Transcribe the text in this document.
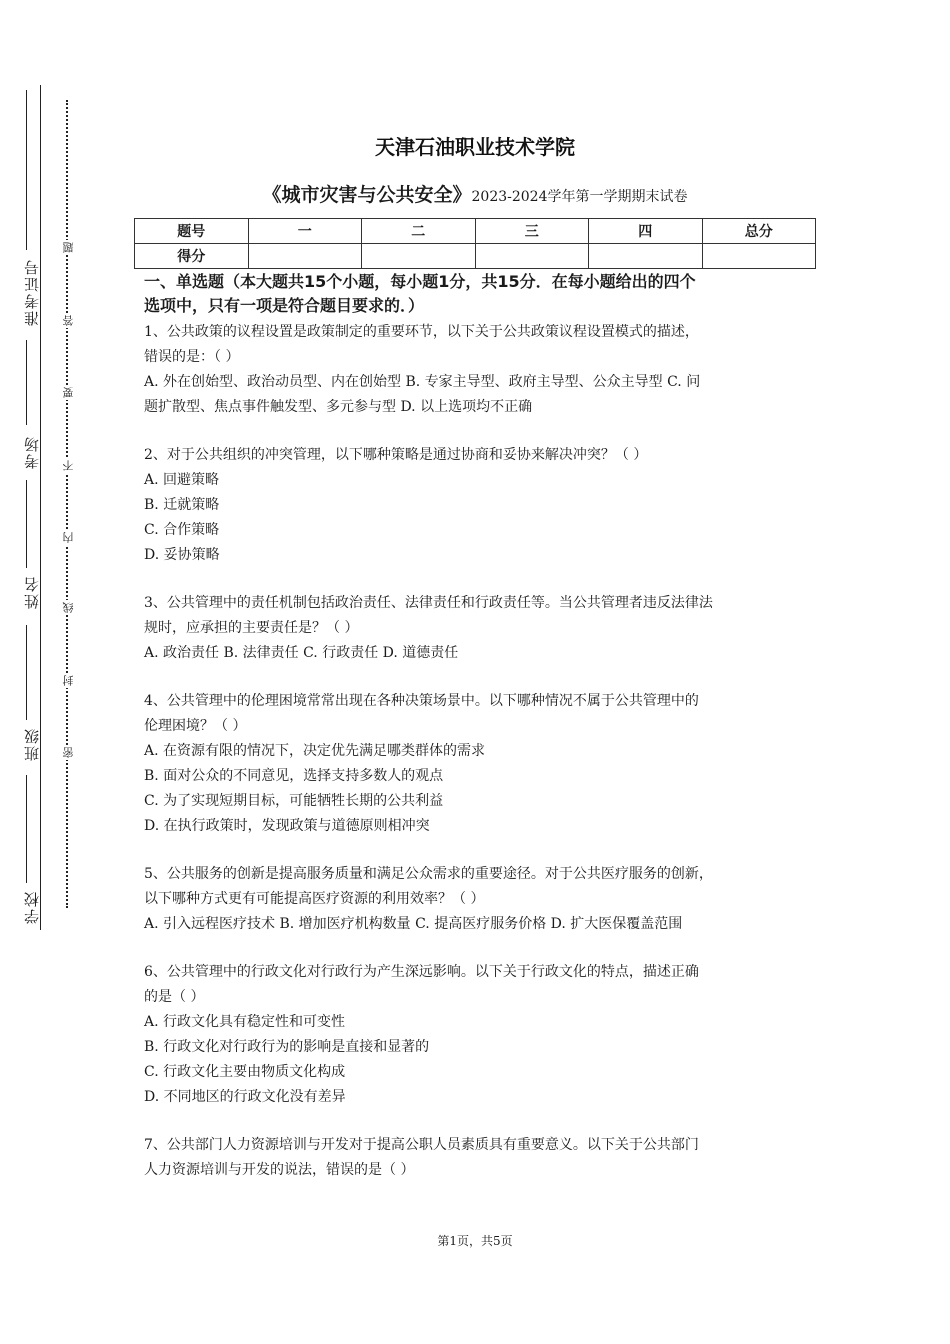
准考证号
考场
姓名
班级
学校
题
答
要
不
内
线
封
密
天津石油职业技术学院
《城市灾害与公共安全》2023-2024学年第一学期期末试卷
题号	一	二	三	四	总分
得分					
一、单选题（本大题共15个小题，每小题1分，共15分．在每小题给出的四个
选项中，只有一项是符合题目要求的．）
1、公共政策的议程设置是政策制定的重要环节，以下关于公共政策议程设置模式的描述，
错误的是：（ ）
A. 外在创始型、政治动员型、内在创始型 B. 专家主导型、政府主导型、公众主导型 C. 问
题扩散型、焦点事件触发型、多元参与型 D. 以上选项均不正确
2、对于公共组织的冲突管理，以下哪种策略是通过协商和妥协来解决冲突？（ ）
A. 回避策略
B. 迁就策略
C. 合作策略
D. 妥协策略
3、公共管理中的责任机制包括政治责任、法律责任和行政责任等。当公共管理者违反法律法
规时，应承担的主要责任是？（ ）
A. 政治责任 B. 法律责任 C. 行政责任 D. 道德责任
4、公共管理中的伦理困境常常出现在各种决策场景中。以下哪种情况不属于公共管理中的
伦理困境？（ ）
A. 在资源有限的情况下，决定优先满足哪类群体的需求
B. 面对公众的不同意见，选择支持多数人的观点
C. 为了实现短期目标，可能牺牲长期的公共利益
D. 在执行政策时，发现政策与道德原则相冲突
5、公共服务的创新是提高服务质量和满足公众需求的重要途径。对于公共医疗服务的创新，
以下哪种方式更有可能提高医疗资源的利用效率？（ ）
A. 引入远程医疗技术 B. 增加医疗机构数量 C. 提高医疗服务价格 D. 扩大医保覆盖范围
6、公共管理中的行政文化对行政行为产生深远影响。以下关于行政文化的特点，描述正确
的是（ ）
A. 行政文化具有稳定性和可变性
B. 行政文化对行政行为的影响是直接和显著的
C. 行政文化主要由物质文化构成
D. 不同地区的行政文化没有差异
7、公共部门人力资源培训与开发对于提高公职人员素质具有重要意义。以下关于公共部门
人力资源培训与开发的说法，错误的是（ ）
第1页，共5页
